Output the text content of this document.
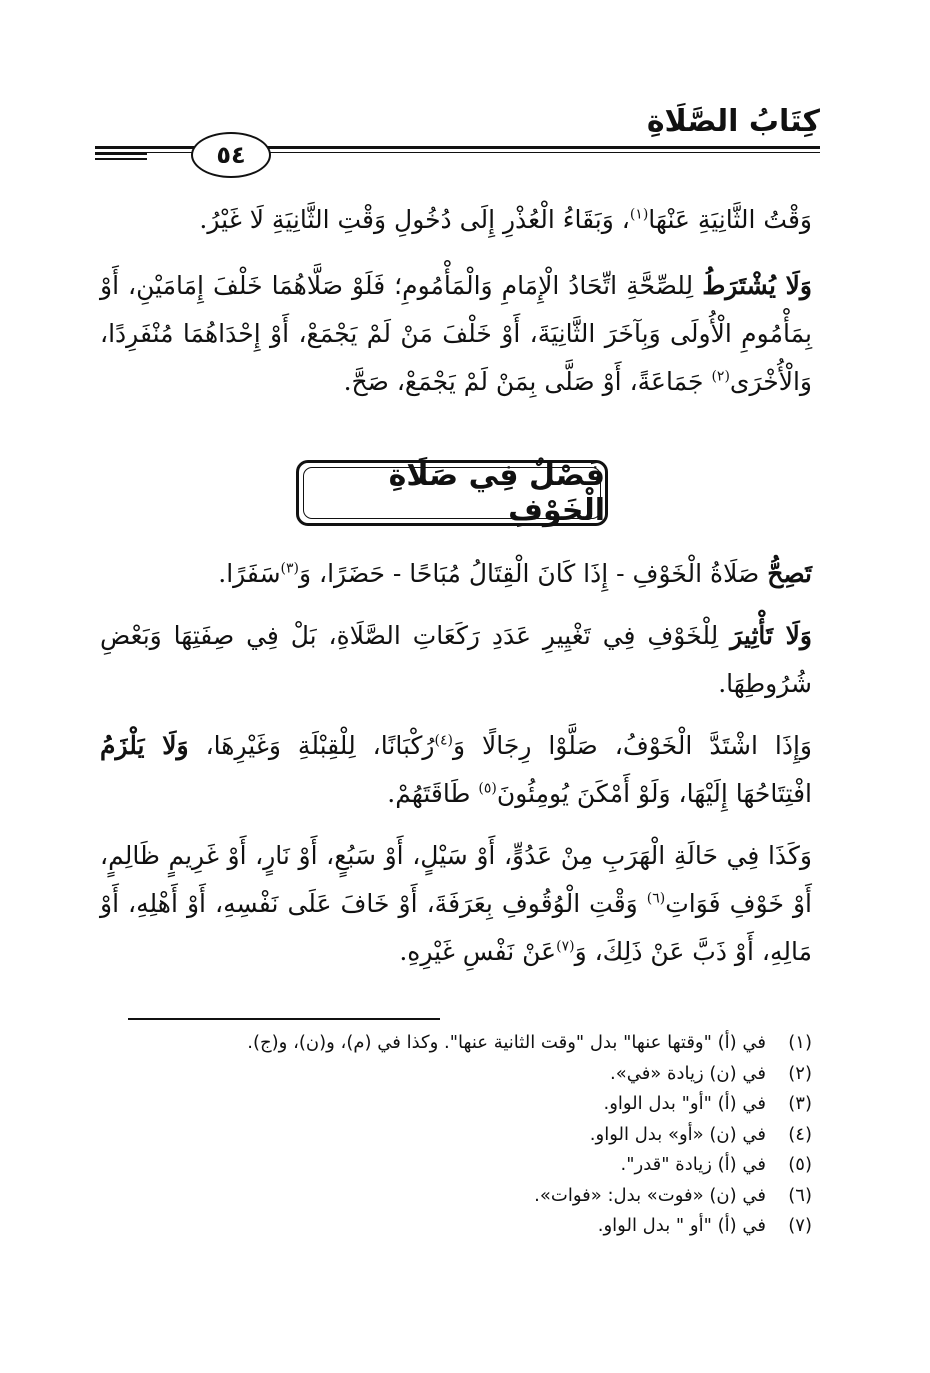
كِتَابُ الصَّلَاةِ
٥٤

وَقْتُ الثَّانِيَةِ عَنْهَا$^{(١)}$، وَبَقَاءُ الْعُذْرِ إِلَى دُخُولِ وَقْتِ الثَّانِيَةِ لَا غَيْرُ.

وَلَا يُشْتَرَطُ لِلصِّحَّةِ اتِّحَادُ الْإِمَامِ وَالْمَأْمُومِ؛ فَلَوْ صَلَّاهُمَا خَلْفَ إِمَامَيْنِ، أَوْ بِمَأْمُومِ الْأُولَى وَبِآخَرَ الثَّانِيَةَ، أَوْ خَلْفَ مَنْ لَمْ يَجْمَعْ، أَوْ إِحْدَاهُمَا مُنْفَرِدًا، وَالْأُخْرَى$^{(٢)}$ جَمَاعَةً، أَوْ صَلَّى بِمَنْ لَمْ يَجْمَعْ، صَحَّ.

فَصْلٌ فِي صَلَاةِ الْخَوْفِ

تَصِحُّ صَلَاةُ الْخَوْفِ - إِذَا كَانَ الْقِتَالُ مُبَاحًا - حَضَرًا، وَ$^{(٣)}$سَفَرًا.

وَلَا تَأْثِيرَ لِلْخَوْفِ فِي تَغْيِيرِ عَدَدِ رَكَعَاتِ الصَّلَاةِ، بَلْ فِي صِفَتِهَا وَبَعْضِ شُرُوطِهَا.

وَإِذَا اشْتَدَّ الْخَوْفُ، صَلَّوْا رِجَالًا وَ$^{(٤)}$رُكْبَانًا، لِلْقِبْلَةِ وَغَيْرِهَا، وَلَا يَلْزَمُ افْتِتَاحُهَا إِلَيْهَا، وَلَوْ أَمْكَنَ يُومِئُونَ$^{(٥)}$ طَاقَتَهُمْ.

وَكَذَا فِي حَالَةِ الْهَرَبِ مِنْ عَدُوٍّ، أَوْ سَيْلٍ، أَوْ سَبُعٍ، أَوْ نَارٍ، أَوْ غَرِيمٍ ظَالِمٍ، أَوْ خَوْفِ فَوَاتِ$^{(٦)}$ وَقْتِ الْوُقُوفِ بِعَرَفَةَ، أَوْ خَافَ عَلَى نَفْسِهِ، أَوْ أَهْلِهِ، أَوْ مَالِهِ، أَوْ ذَبَّ عَنْ ذَلِكَ، وَ$^{(٧)}$عَنْ نَفْسِ غَيْرِهِ.

(١)في (أ) "وقتها عنها" بدل "وقت الثانية عنها". وكذا في (م)، و(ن)، و(ج).
(٢)في (ن) زيادة «في».
(٣)في (أ) "أو" بدل الواو.
(٤)في (ن) «أو» بدل الواو.
(٥)في (أ) زيادة "قدر".
(٦)في (ن) «فوت» بدل: «فوات».
(٧)في (أ) "أو " بدل الواو.
